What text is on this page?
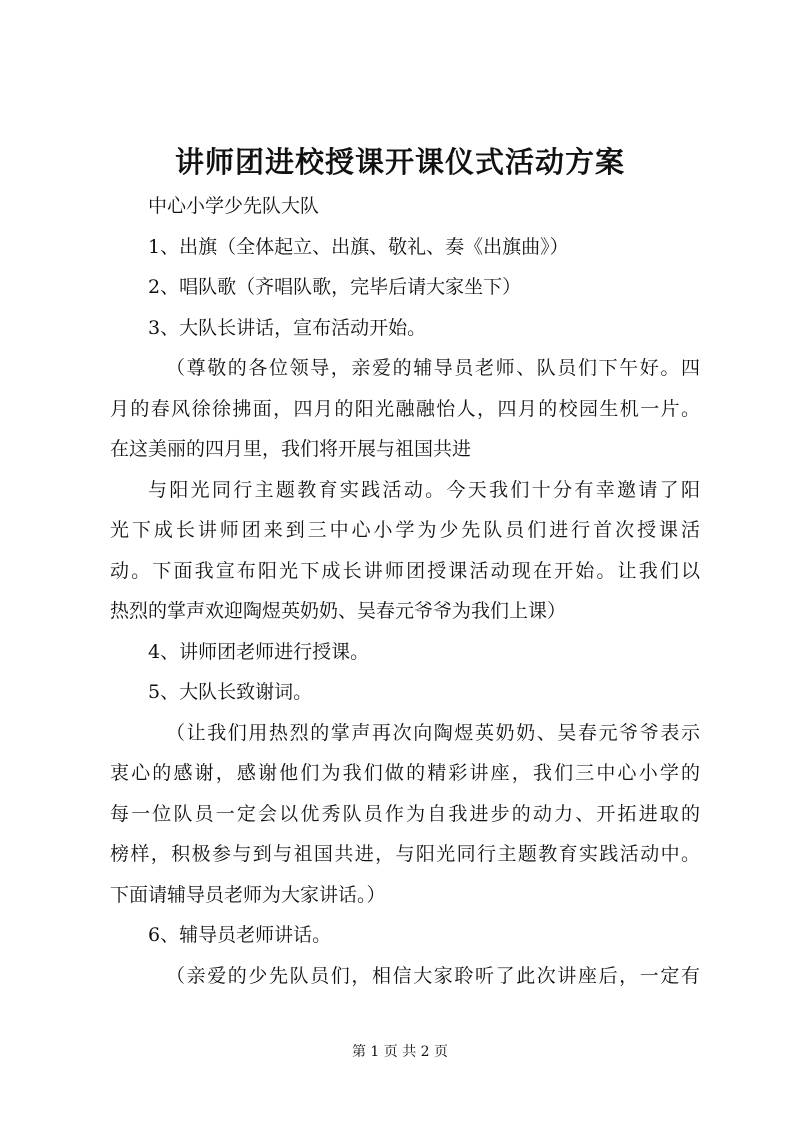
讲师团进校授课开课仪式活动方案
中心小学少先队大队
1、出旗（全体起立、出旗、敬礼、奏《出旗曲》）
2、唱队歌（齐唱队歌，完毕后请大家坐下）
3、大队长讲话，宣布活动开始。
（尊敬的各位领导，亲爱的辅导员老师、队员们下午好。四
月的春风徐徐拂面，四月的阳光融融怡人，四月的校园生机一片。
在这美丽的四月里，我们将开展与祖国共进
与阳光同行主题教育实践活动。今天我们十分有幸邀请了阳
光下成长讲师团来到三中心小学为少先队员们进行首次授课活
动。下面我宣布阳光下成长讲师团授课活动现在开始。让我们以
热烈的掌声欢迎陶煜英奶奶、吴春元爷爷为我们上课）
4、讲师团老师进行授课。
5、大队长致谢词。
（让我们用热烈的掌声再次向陶煜英奶奶、吴春元爷爷表示
衷心的感谢，感谢他们为我们做的精彩讲座，我们三中心小学的
每一位队员一定会以优秀队员作为自我进步的动力、开拓进取的
榜样，积极参与到与祖国共进，与阳光同行主题教育实践活动中。
下面请辅导员老师为大家讲话。）
6、辅导员老师讲话。
（亲爱的少先队员们，相信大家聆听了此次讲座后，一定有
第 1 页 共 2 页
